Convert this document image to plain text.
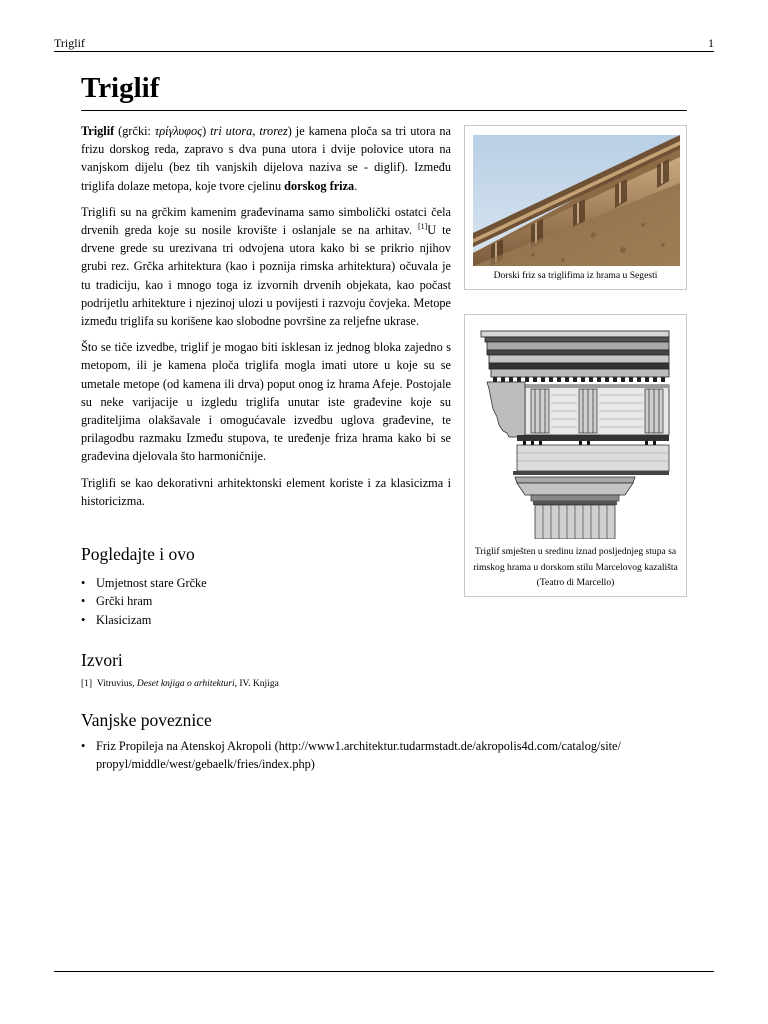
Triglif	1
Triglif

Triglif (grčki: τρίγλυφος) tri utora, trorez) je kamena ploča sa tri utora na frizu dorskog reda, zapravo s dva puna utora i dvije polovice utora na vanjskom dijelu (bez tih vanjskih dijelova naziva se - diglif). Između triglifa dolaze metopa, koje tvore cjelinu dorskog friza.

Triglifi su na grčkim kamenim građevinama samo simbolički ostatci čela drvenih greda koje su nosile krovište i oslanjale se na arhitav. [1]U te drvene grede su urezivana tri odvojena utora kako bi se prikrio njihov grubi rez. Grčka arhitektura (kao i poznija rimska arhitektura) očuvala je tu tradiciju, kao i mnogo toga iz izvornih drvenih objekata, kao počast podrijetlu arhitekture i njezinoj ulozi u povijesti i razvoju čovjeka. Metope između triglifa su korišene kao slobodne površine za reljefne ukrase.

Što se tiče izvedbe, triglif je mogao biti isklesan iz jednog bloka zajedno s metopom, ili je kamena ploča triglifa mogla imati utore u koje su se umetale metope (od kamena ili drva) poput onog iz hrama Afeje. Postojale su neke varijacije u izgledu triglifa unutar iste građevine koje su graditeljima olakšavale i omogućavale izvedbu uglova građevine, te prilagodbu razmaku Između stupova, te uređenje friza hrama kako bi se građevina djelovala što harmoničnije.

Triglifi se kao dekorativni arhitektonski element koriste i za klasicizma i historicizma.

Dorski friz sa triglifima iz hrama u Segesti
Triglif smješten u sredinu iznad posljednjeg stupa sa rimskog hrama u dorskom stilu Marcelovog kazališta (Teatro di Marcello)
Pogledajte i ovo
• Umjetnost stare Grčke
• Grčki hram
• Klasicizam
Izvori
[1] Vitruvius, Deset knjiga o arhitekturi, IV. Knjiga
Vanjske poveznice
• Friz Propileja na Atenskoj Akropoli (http://www1.architektur.tudarmstadt.de/akropolis4d.com/catalog/site/
propyl/middle/west/gebaelk/fries/index.php)
